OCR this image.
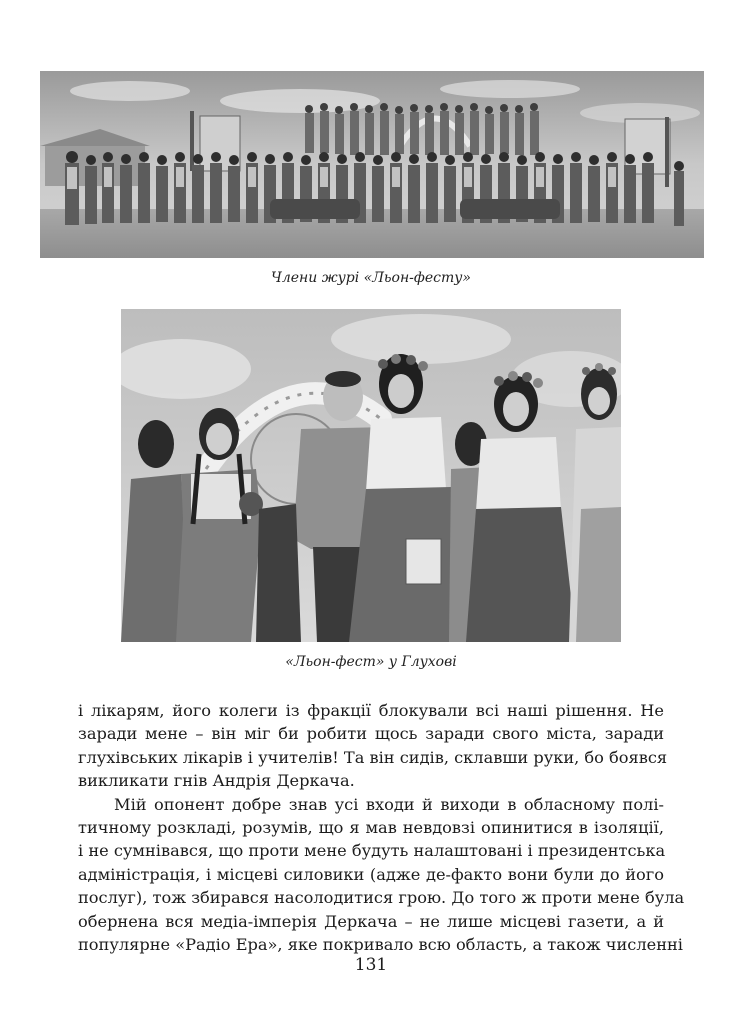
Члени журі «Льон-фесту»
«Льон-фест» у Глухові

і лікарям, його колеги із фракції блокували всі наші рішення. Не
заради мене – він міг би робити щось заради свого міста, заради
глухівських лікарів і учителів! Та він сидів, склавши руки, бо боявся
викликати гнів Андрія Деркача.

Мій опонент добре знав усі входи й виходи в обласному полі-
тичному розкладі, розумів, що я мав невдовзі опинитися в ізоляції,
і не сумнівався, що проти мене будуть налаштовані і президентська
адміністрація, і місцеві силовики (адже де-факто вони були до його
послуг), тож збирався насолодитися грою. До того ж проти мене була
обернена вся медіа-імперія Деркача – не лише місцеві газети, а й
популярне «Радіо Ера», яке покривало всю область, а також численні

131
